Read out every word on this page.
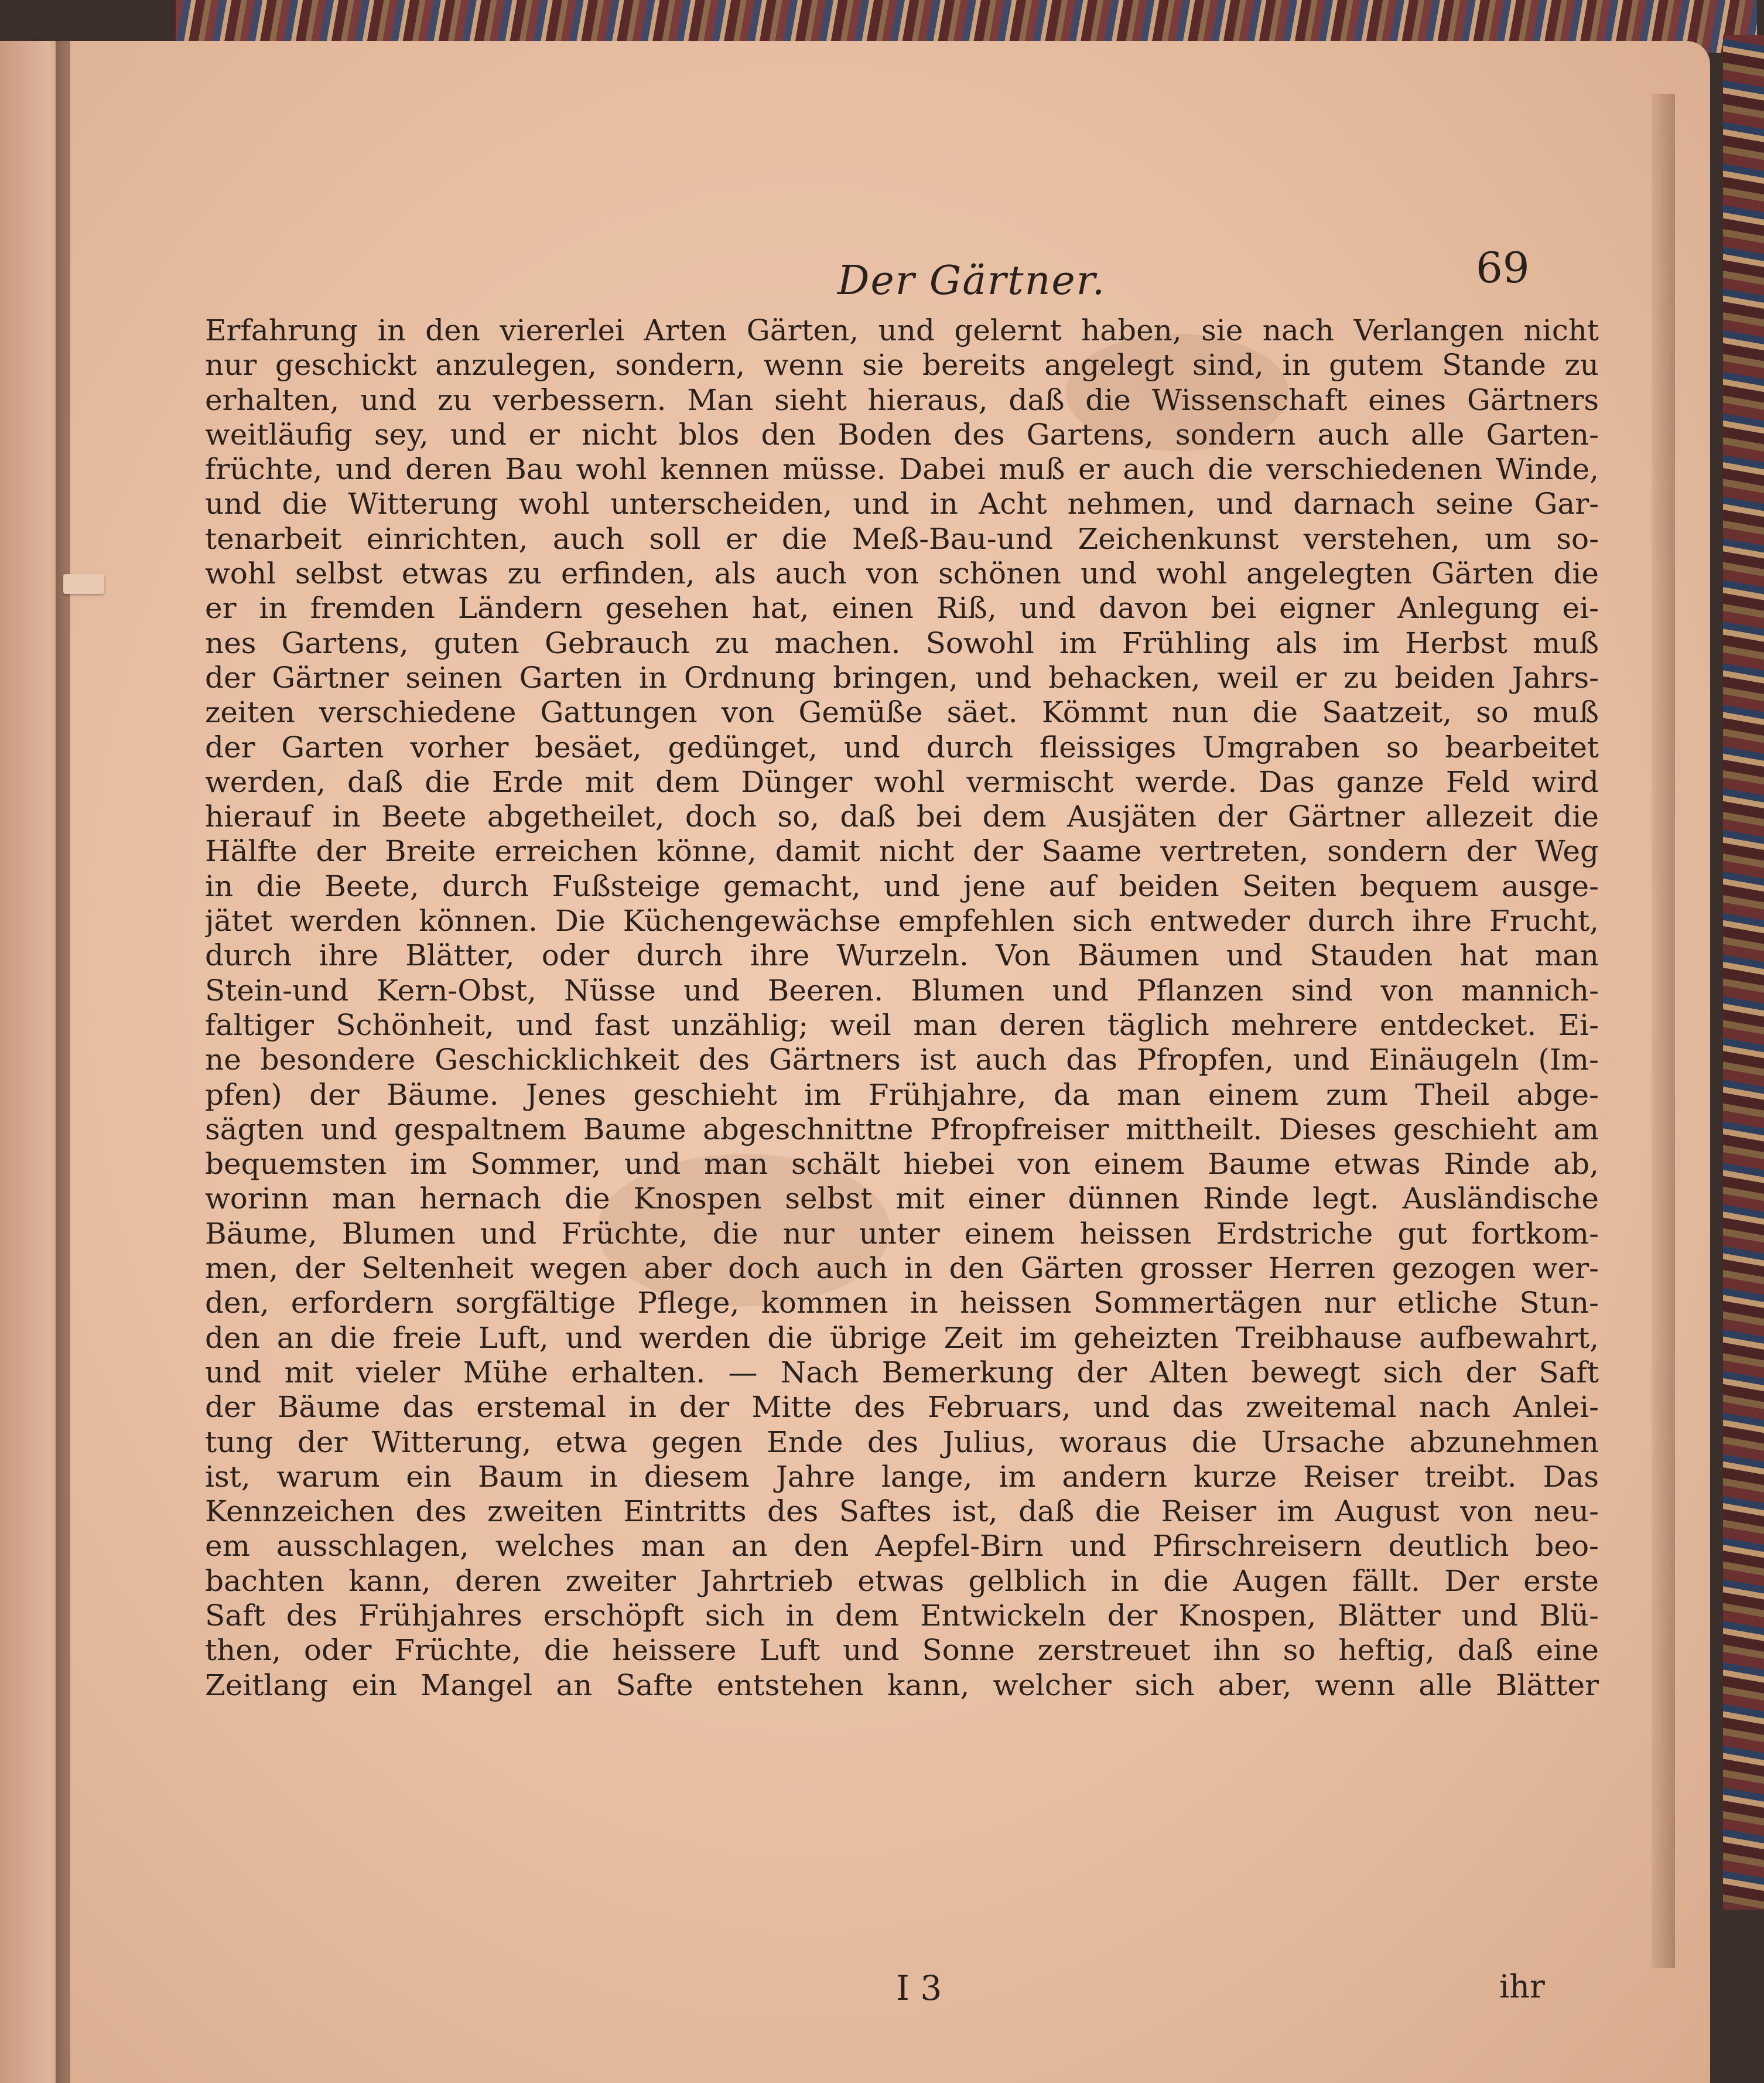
Der Gärtner.	69
Erfahrung in den viererlei Arten Gärten, und gelernt haben, sie nach Verlangen nicht
nur geschickt anzulegen, sondern, wenn sie bereits angelegt sind, in gutem Stande zu
erhalten, und zu verbessern. Man sieht hieraus, daß die Wissenschaft eines Gärtners
weitläufig sey, und er nicht blos den Boden des Gartens, sondern auch alle Garten-
früchte, und deren Bau wohl kennen müsse. Dabei muß er auch die verschiedenen Winde,
und die Witterung wohl unterscheiden, und in Acht nehmen, und darnach seine Gar-
tenarbeit einrichten, auch soll er die Meß-Bau-und Zeichenkunst verstehen, um so-
wohl selbst etwas zu erfinden, als auch von schönen und wohl angelegten Gärten die
er in fremden Ländern gesehen hat, einen Riß, und davon bei eigner Anlegung ei-
nes Gartens, guten Gebrauch zu machen. Sowohl im Frühling als im Herbst muß
der Gärtner seinen Garten in Ordnung bringen, und behacken, weil er zu beiden Jahrs-
zeiten verschiedene Gattungen von Gemüße säet. Kömmt nun die Saatzeit, so muß
der Garten vorher besäet, gedünget, und durch fleissiges Umgraben so bearbeitet
werden, daß die Erde mit dem Dünger wohl vermischt werde. Das ganze Feld wird
hierauf in Beete abgetheilet, doch so, daß bei dem Ausjäten der Gärtner allezeit die
Hälfte der Breite erreichen könne, damit nicht der Saame vertreten, sondern der Weg
in die Beete, durch Fußsteige gemacht, und jene auf beiden Seiten bequem ausge-
jätet werden können. Die Küchengewächse empfehlen sich entweder durch ihre Frucht,
durch ihre Blätter, oder durch ihre Wurzeln. Von Bäumen und Stauden hat man
Stein-und Kern-Obst, Nüsse und Beeren. Blumen und Pflanzen sind von mannich-
faltiger Schönheit, und fast unzählig; weil man deren täglich mehrere entdecket. Ei-
ne besondere Geschicklichkeit des Gärtners ist auch das Pfropfen, und Einäugeln (Im-
pfen) der Bäume. Jenes geschieht im Frühjahre, da man einem zum Theil abge-
sägten und gespaltnem Baume abgeschnittne Pfropfreiser mittheilt. Dieses geschieht am
bequemsten im Sommer, und man schält hiebei von einem Baume etwas Rinde ab,
worinn man hernach die Knospen selbst mit einer dünnen Rinde legt. Ausländische
Bäume, Blumen und Früchte, die nur unter einem heissen Erdstriche gut fortkom-
men, der Seltenheit wegen aber doch auch in den Gärten grosser Herren gezogen wer-
den, erfordern sorgfältige Pflege, kommen in heissen Sommertägen nur etliche Stun-
den an die freie Luft, und werden die übrige Zeit im geheizten Treibhause aufbewahrt,
und mit vieler Mühe erhalten. — Nach Bemerkung der Alten bewegt sich der Saft
der Bäume das erstemal in der Mitte des Februars, und das zweitemal nach Anlei-
tung der Witterung, etwa gegen Ende des Julius, woraus die Ursache abzunehmen
ist, warum ein Baum in diesem Jahre lange, im andern kurze Reiser treibt. Das
Kennzeichen des zweiten Eintritts des Saftes ist, daß die Reiser im August von neu-
em ausschlagen, welches man an den Aepfel-Birn und Pfirschreisern deutlich beo-
bachten kann, deren zweiter Jahrtrieb etwas gelblich in die Augen fällt. Der erste
Saft des Frühjahres erschöpft sich in dem Entwickeln der Knospen, Blätter und Blü-
then, oder Früchte, die heissere Luft und Sonne zerstreuet ihn so heftig, daß eine
Zeitlang ein Mangel an Safte entstehen kann, welcher sich aber, wenn alle Blätter
I 3	ihr
